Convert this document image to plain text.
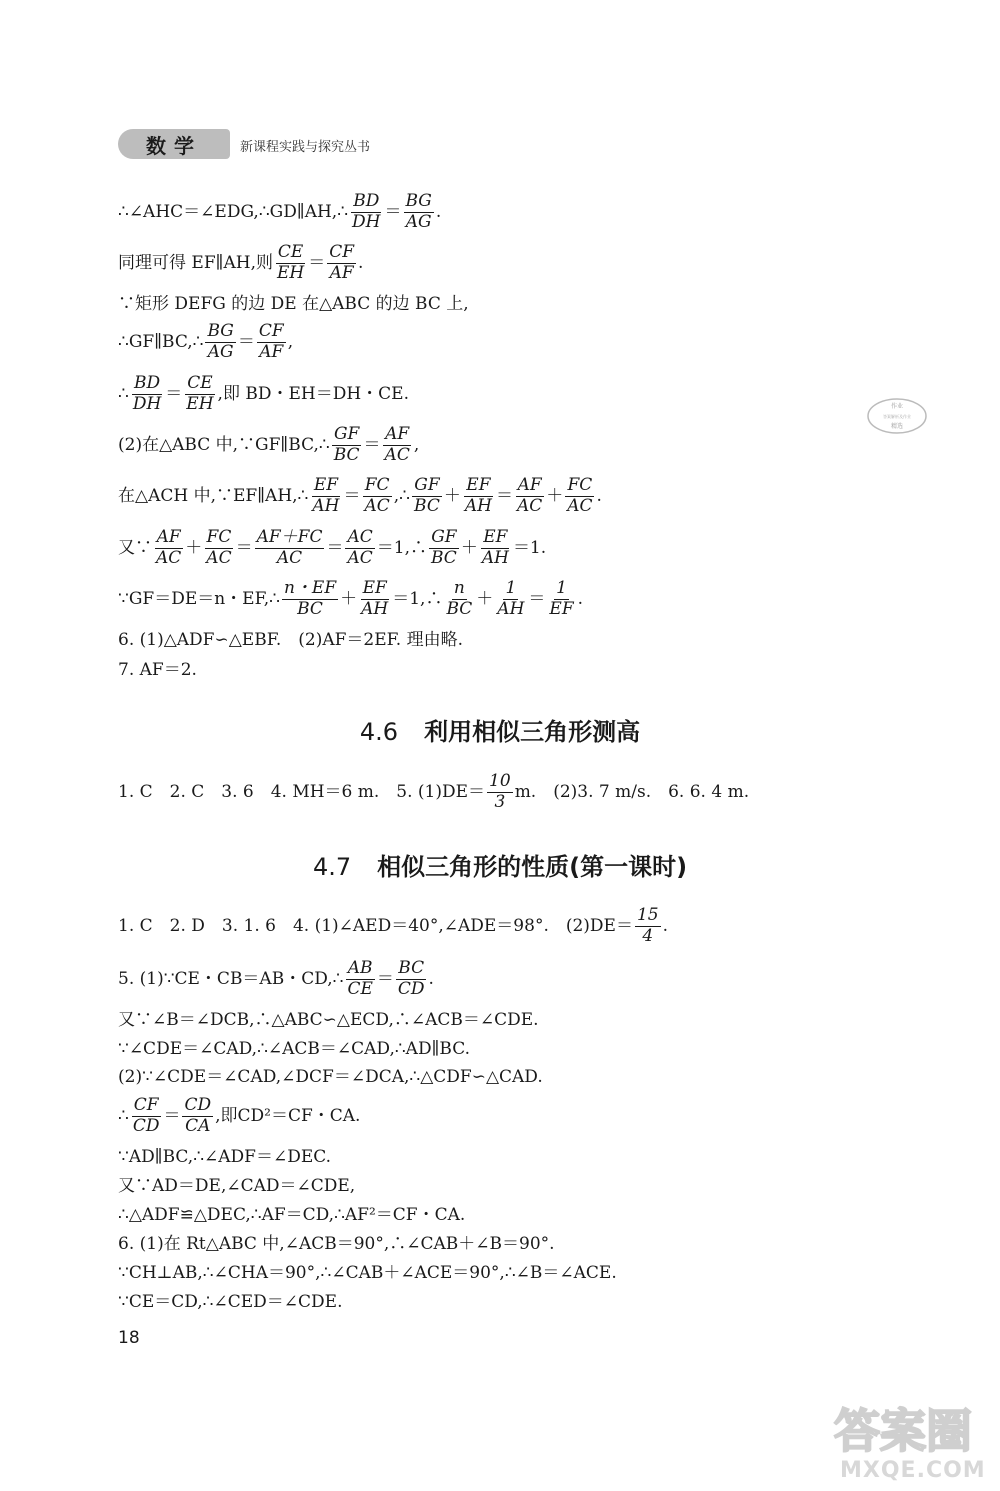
数学	新课程实践与探究丛书
∴∠AHC＝∠EDG,∴GD∥AH,∴ $\frac{BD}{DH} = \frac{BG}{AG}$ .
同理可得 EF∥AH,则 $\frac{CE}{EH} = \frac{CF}{AF}$ .
∵矩形 DEFG 的边 DE 在△ABC 的边 BC 上,
∴GF∥BC,∴ $\frac{BG}{AG} = \frac{CF}{AF}$ ,
∴ $\frac{BD}{DH} = \frac{CE}{EH}$ ,即 BD・EH＝DH・CE.
(2)在△ABC 中,∵GF∥BC,∴ $\frac{GF}{BC} = \frac{AF}{AC}$ ,
在△ACH 中,∵EF∥AH,∴ $\frac{EF}{AH} = \frac{FC}{AC}$ ,∴ $\frac{GF}{BC} + \frac{EF}{AH} = \frac{AF}{AC} + \frac{FC}{AC}$ .
又∵ $\frac{AF}{AC} + \frac{FC}{AC} = \frac{AF+FC}{AC} = \frac{AC}{AC}$ ＝1,∴ $\frac{GF}{BC} + \frac{EF}{AH} =1$.
∵GF＝DE＝n・EF,∴ $\frac{n・EF}{BC} + \frac{EF}{AH}$ ＝1,∴ $\frac{n}{BC} + \frac{1}{AH} = \frac{1}{EF}$ .
6. (1)△ADF∽△EBF.　(2)AF＝2EF. 理由略.
7. AF＝2.
4.6 利用相似三角形测高
1. C　2. C　3. 6　4. MH＝6 m.　5. $(1)DE= \frac{10}{3} m$.　(2)3. 7 m/s.　6. 6. 4 m.
4.7 相似三角形的性质(第一课时)
1. C　2. D　3. 1. 6　4. (1)∠AED＝40°,∠ADE＝98°.　$(2)DE= \frac{15}{4}$ .
5. (1)∵CE・CB＝AB・CD,∴ $\frac{AB}{CE} = \frac{BC}{CD}$ .
又∵∠B＝∠DCB,∴△ABC∽△ECD,∴∠ACB＝∠CDE.
∵∠CDE＝∠CAD,∴∠ACB＝∠CAD,∴AD∥BC.
(2)∵∠CDE＝∠CAD,∠DCF＝∠DCA,∴△CDF∽△CAD.
∴ $\frac{CF}{CD} = \frac{CD}{CA}$ ,即CD²＝CF・CA.
∵AD∥BC,∴∠ADF＝∠DEC.
又∵AD＝DE,∠CAD＝∠CDE,
∴△ADF≌△DEC,∴AF＝CD,∴AF²＝CF・CA.
6. (1)在 Rt△ABC 中,∠ACB＝90°,∴∠CAB＋∠B＝90°.
∵CH⊥AB,∴∠CHA＝90°,∴∠CAB＋∠ACE＝90°,∴∠B＝∠ACE.
∵CE＝CD,∴∠CED＝∠CDE.
18
作业
答案解析及作业
精选
答案圈
MXQE.COM
